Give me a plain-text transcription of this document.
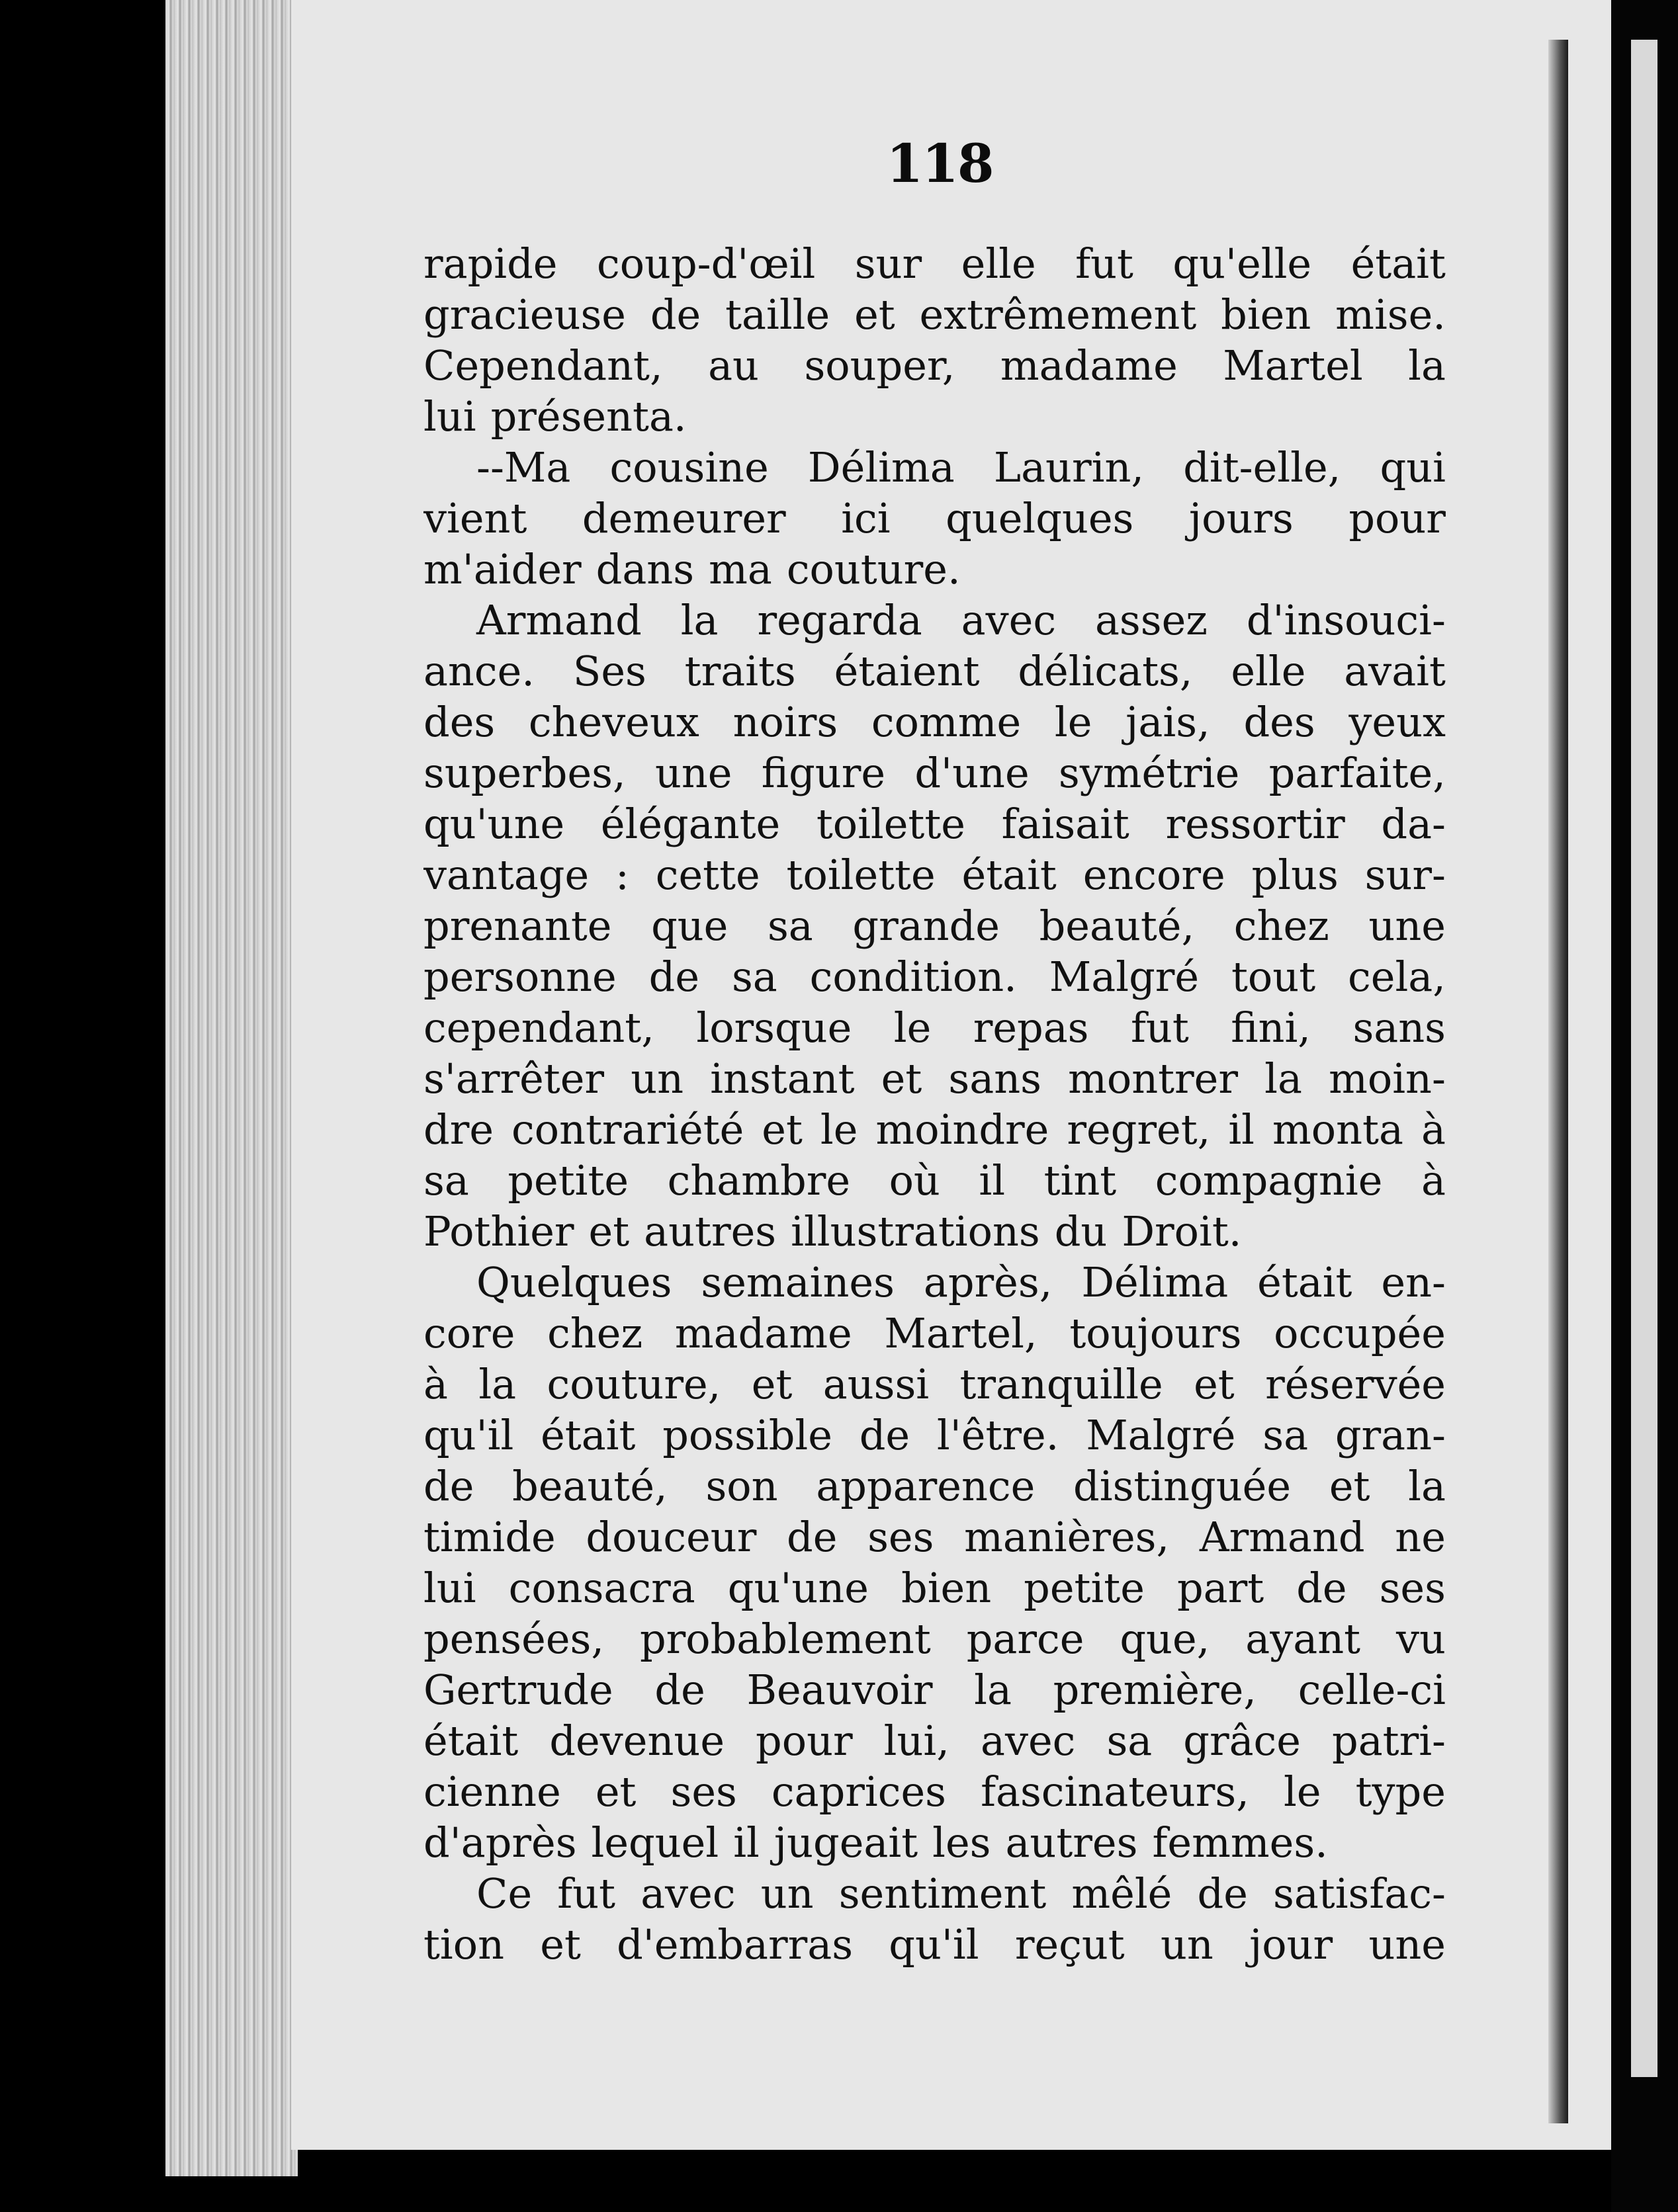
118
rapide coup-d'œil sur elle fut qu'elle était
gracieuse de taille et extrêmement bien mise.
Cependant, au souper, madame Martel la
lui présenta.
--Ma cousine Délima Laurin, dit-elle, qui
vient demeurer ici quelques jours pour
m'aider dans ma couture.
Armand la regarda avec assez d'insouci-
ance. Ses traits étaient délicats, elle avait
des cheveux noirs comme le jais, des yeux
superbes, une figure d'une symétrie parfaite,
qu'une élégante toilette faisait ressortir da-
vantage : cette toilette était encore plus sur-
prenante que sa grande beauté, chez une
personne de sa condition. Malgré tout cela,
cependant, lorsque le repas fut fini, sans
s'arrêter un instant et sans montrer la moin-
dre contrariété et le moindre regret, il monta à
sa petite chambre où il tint compagnie à
Pothier et autres illustrations du Droit.
Quelques semaines après, Délima était en-
core chez madame Martel, toujours occupée
à la couture, et aussi tranquille et réservée
qu'il était possible de l'être. Malgré sa gran-
de beauté, son apparence distinguée et la
timide douceur de ses manières, Armand ne
lui consacra qu'une bien petite part de ses
pensées, probablement parce que, ayant vu
Gertrude de Beauvoir la première, celle-ci
était devenue pour lui, avec sa grâce patri-
cienne et ses caprices fascinateurs, le type
d'après lequel il jugeait les autres femmes.
Ce fut avec un sentiment mêlé de satisfac-
tion et d'embarras qu'il reçut un jour une
